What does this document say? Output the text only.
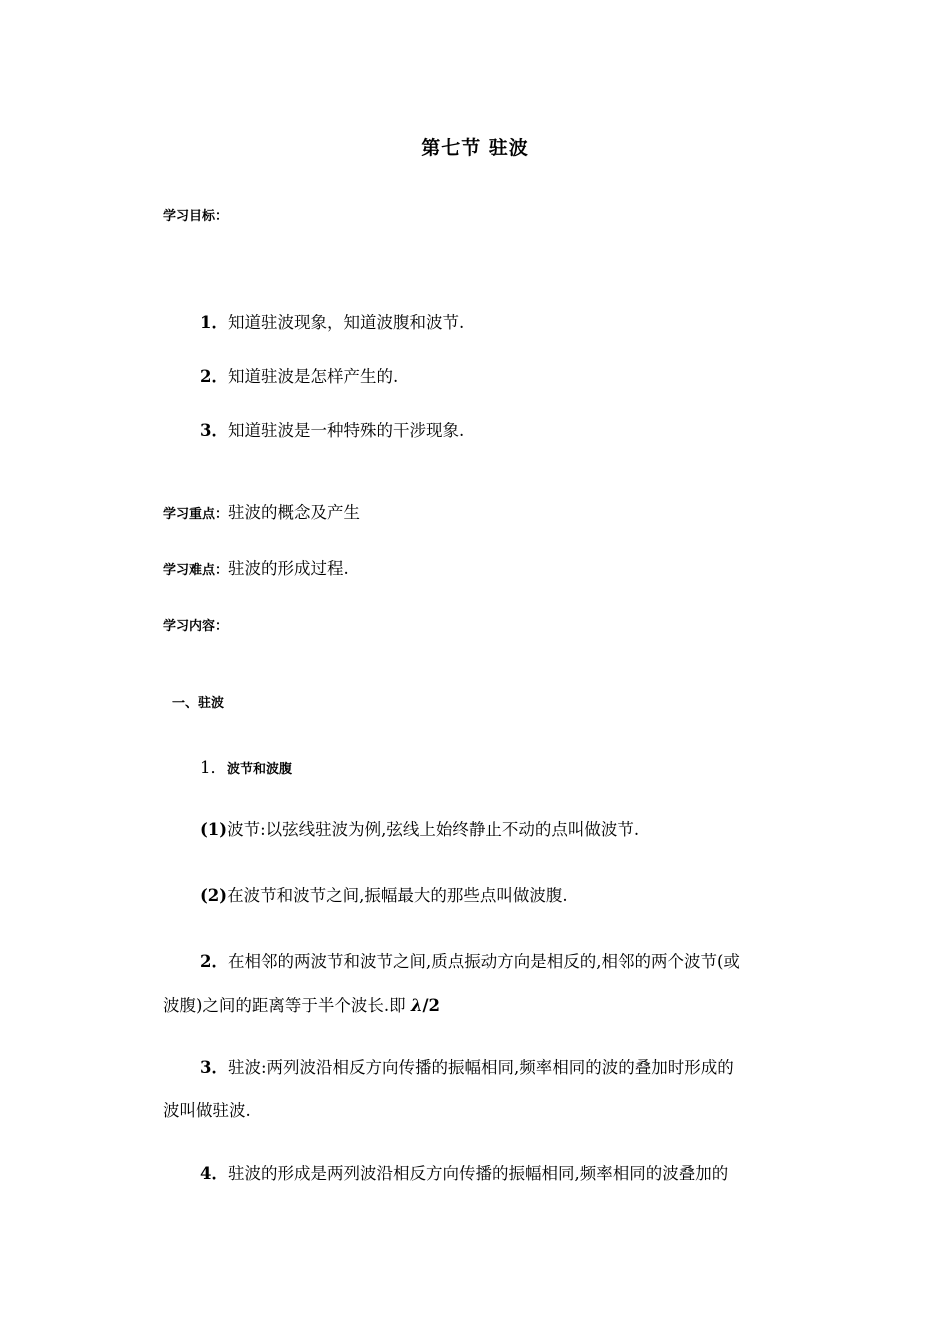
第七节 驻波
学习目标：
1．知道驻波现象，知道波腹和波节.
2．知道驻波是怎样产生的.
3．知道驻波是一种特殊的干涉现象.
学习重点：驻波的概念及产生
学习难点：驻波的形成过程.
学习内容：
一、驻波
1．波节和波腹
(1)波节:以弦线驻波为例,弦线上始终静止不动的点叫做波节.
(2)在波节和波节之间,振幅最大的那些点叫做波腹.
2．在相邻的两波节和波节之间,质点振动方向是相反的,相邻的两个波节(或
波腹)之间的距离等于半个波长.即 λ/2
3．驻波:两列波沿相反方向传播的振幅相同,频率相同的波的叠加时形成的
波叫做驻波.
4．驻波的形成是两列波沿相反方向传播的振幅相同,频率相同的波叠加的
